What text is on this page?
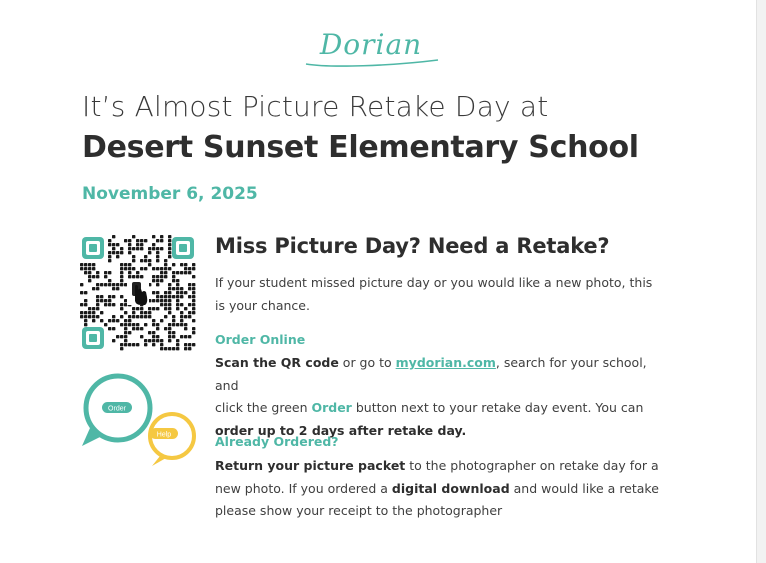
Dorian
It’s Almost Picture Retake Day at
Desert Sunset Elementary School
November 6, 2025
Order
Help
Miss Picture Day? Need a Retake?
If your student missed picture day or you would like a new photo, this
is your chance.
Order Online
Scan the QR code or go to mydorian.com, search for your school, and
click the green Order button next to your retake day event. You can
order up to 2 days after retake day.
Already Ordered?
Return your picture packet to the photographer on retake day for a
new photo. If you ordered a digital download and would like a retake
please show your receipt to the photographer
